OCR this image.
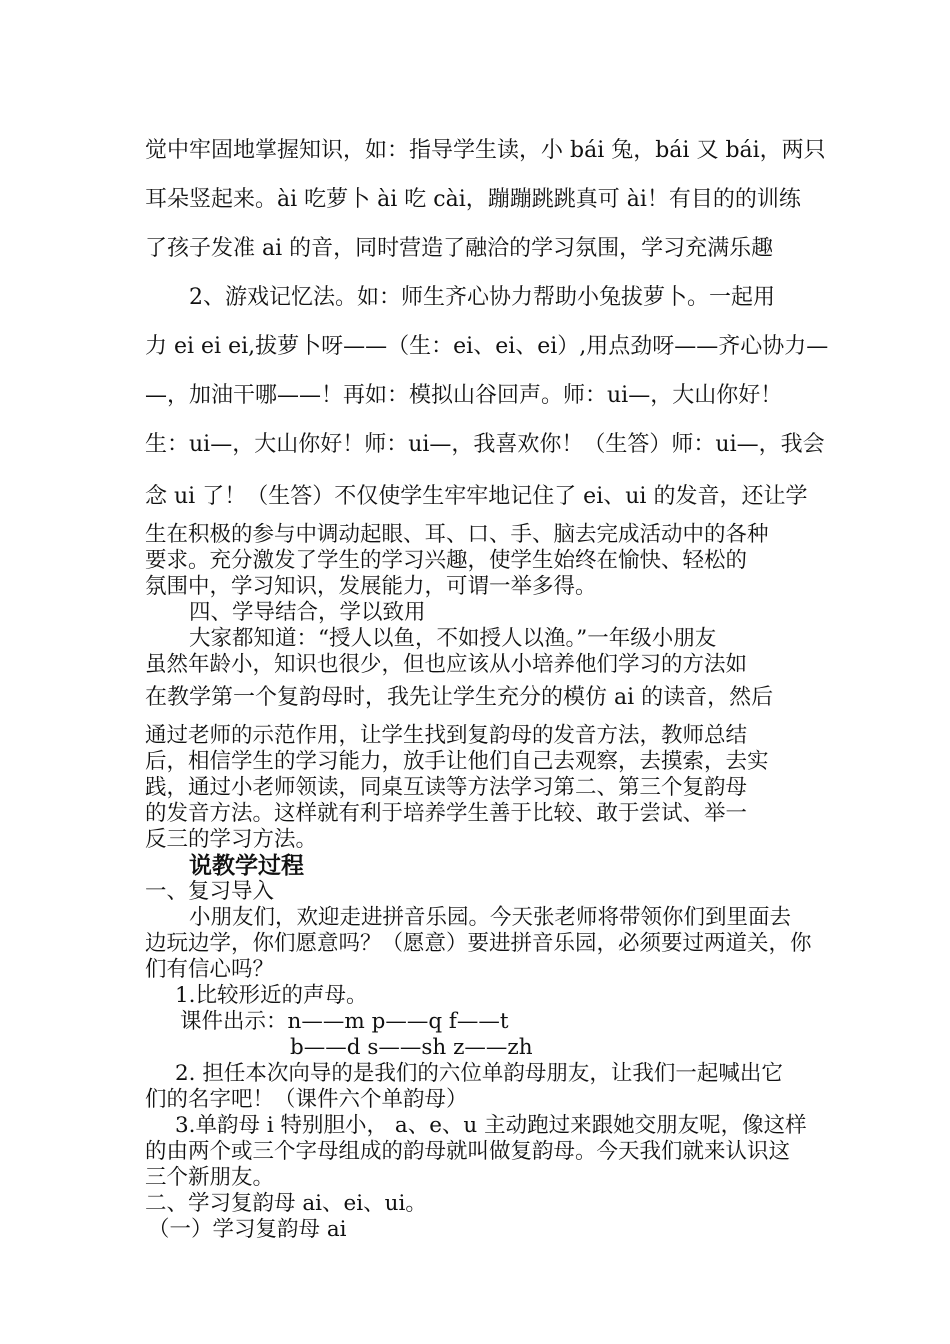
觉中牢固地掌握知识，如：指导学生读，小 bái 兔，bái 又 bái，两只
耳朵竖起来。ài 吃萝卜 ài 吃 cài，蹦蹦跳跳真可 ài！有目的的训练
了孩子发准 ai 的音，同时营造了融洽的学习氛围，学习充满乐趣
2、游戏记忆法。如：师生齐心协力帮助小兔拔萝卜。一起用
力 ei ei ei,拔萝卜呀——（生：ei、ei、ei）,用点劲呀——齐心协力—
—，加油干哪——！再如：模拟山谷回声。师：ui—，大山你好！
生：ui—，大山你好！师：ui—，我喜欢你！（生答）师：ui—，我会
念 ui 了！（生答）不仅使学生牢牢地记住了 ei、ui 的发音，还让学
生在积极的参与中调动起眼、耳、口、手、脑去完成活动中的各种
要求。充分激发了学生的学习兴趣，使学生始终在愉快、轻松的
氛围中，学习知识，发展能力，可谓一举多得。
四、学导结合，学以致用
大家都知道：“授人以鱼，不如授人以渔。”一年级小朋友
虽然年龄小，知识也很少，但也应该从小培养他们学习的方法如
在教学第一个复韵母时，我先让学生充分的模仿 ai 的读音，然后
通过老师的示范作用，让学生找到复韵母的发音方法，教师总结
后，相信学生的学习能力，放手让他们自己去观察，去摸索，去实
践，通过小老师领读，同桌互读等方法学习第二、第三个复韵母
的发音方法。这样就有利于培养学生善于比较、敢于尝试、举一
反三的学习方法。
说教学过程
一、复习导入
小朋友们，欢迎走进拼音乐园。今天张老师将带领你们到里面去
边玩边学，你们愿意吗？（愿意）要进拼音乐园，必须要过两道关，你
们有信心吗？
1.比较形近的声母。
课件出示：n——m p——q f——t
b——d s——sh z——zh
2. 担任本次向导的是我们的六位单韵母朋友，让我们一起喊出它
们的名字吧！（课件六个单韵母）
3.单韵母 i 特别胆小， a、e、u 主动跑过来跟她交朋友呢，像这样
的由两个或三个字母组成的韵母就叫做复韵母。今天我们就来认识这
三个新朋友。
二、学习复韵母 ai、ei、ui。
（一）学习复韵母 ai
